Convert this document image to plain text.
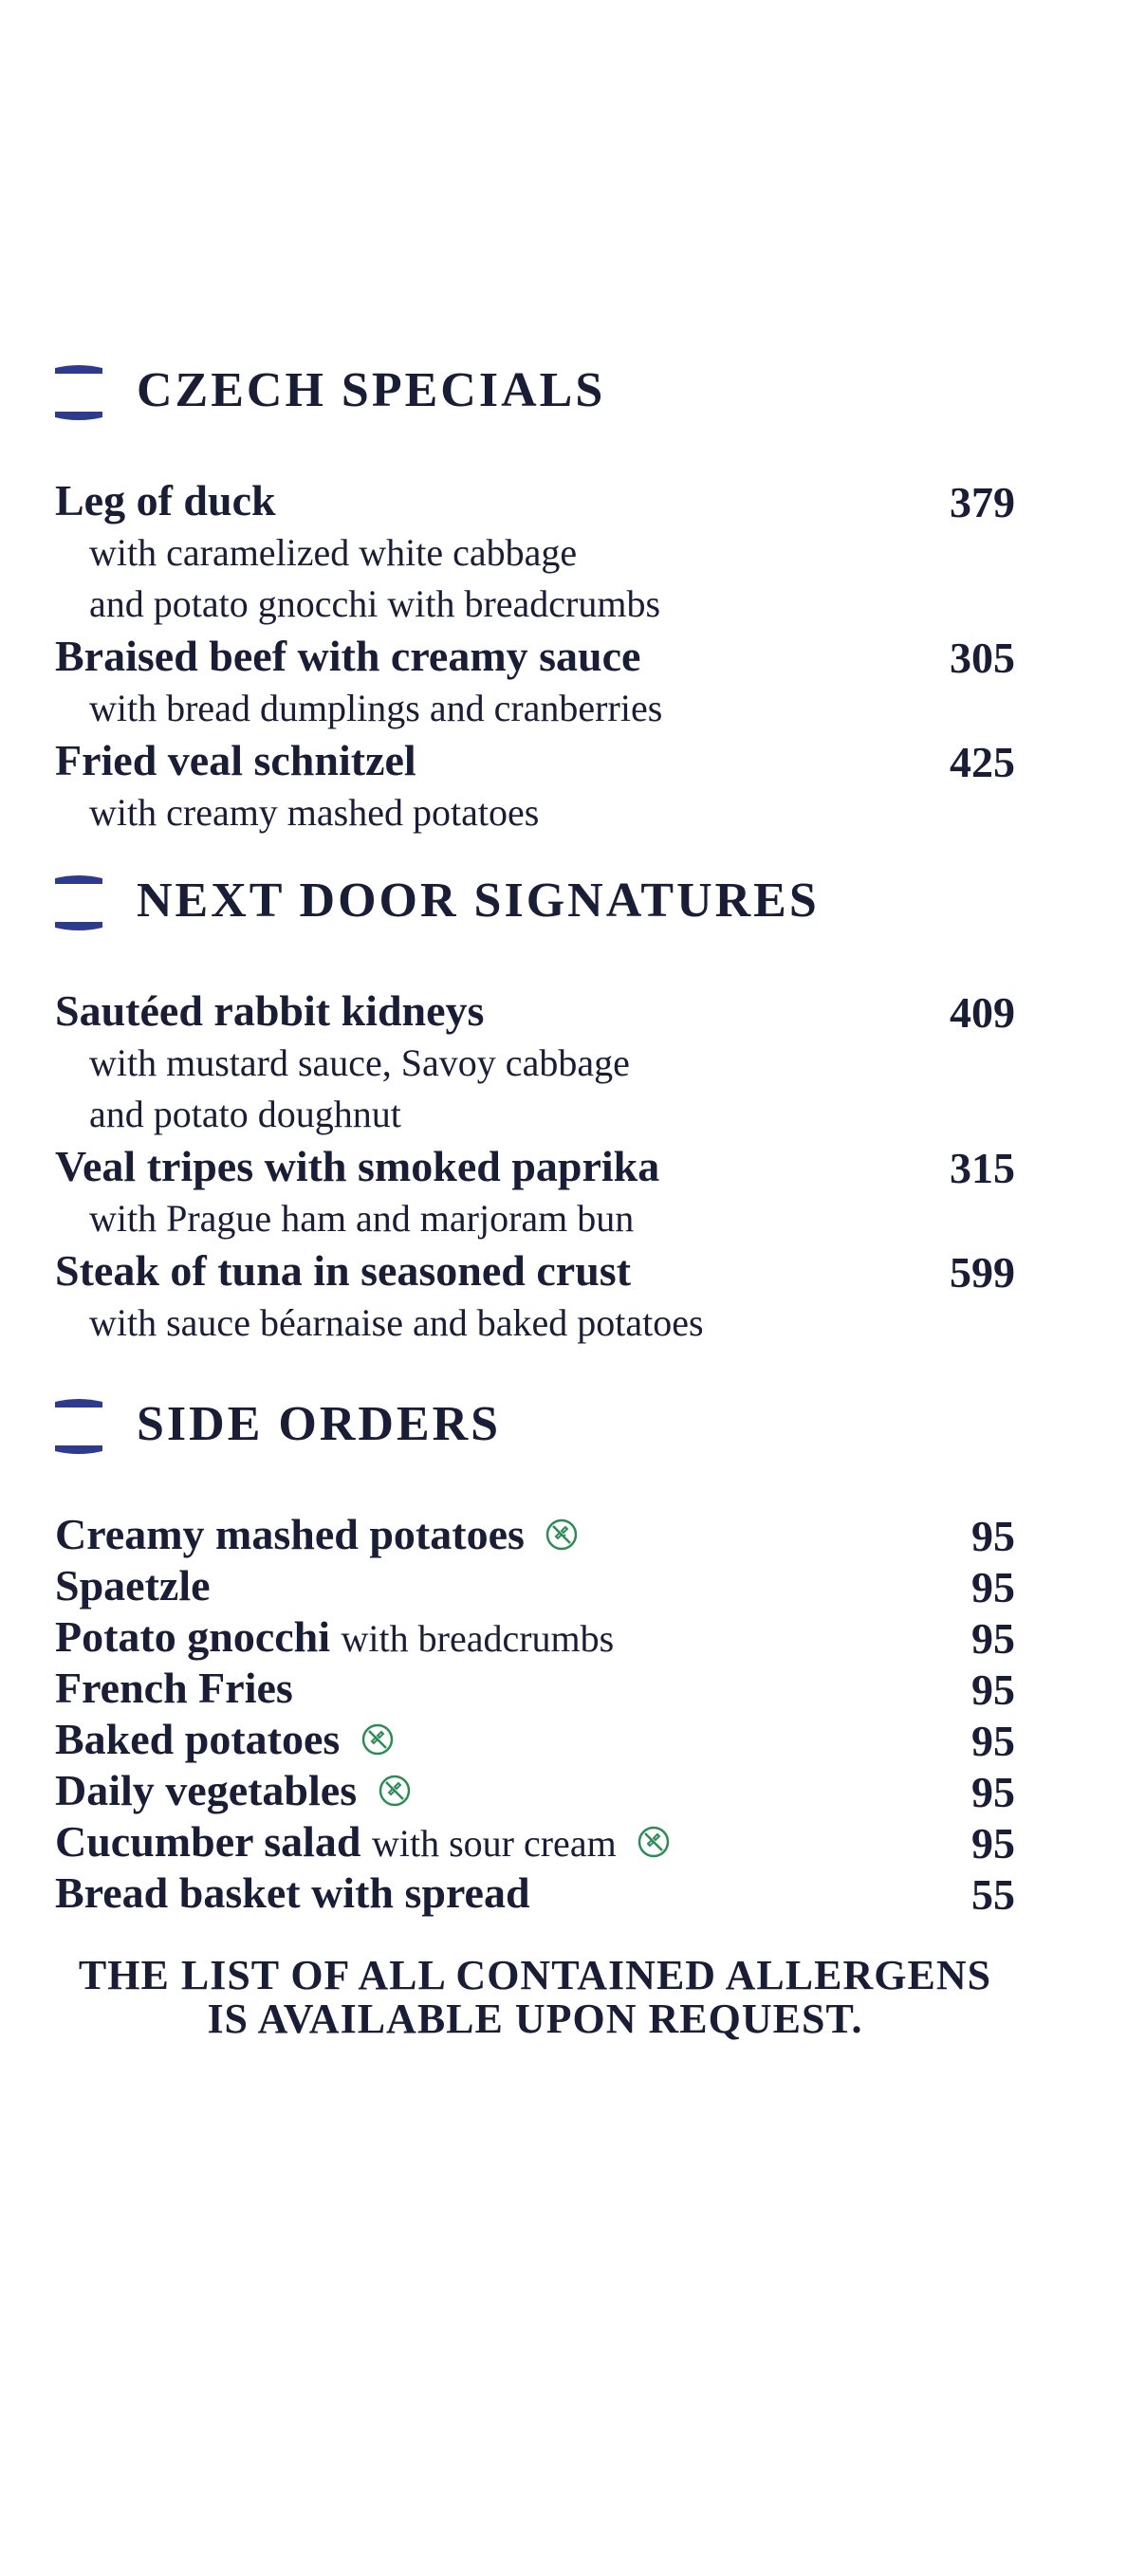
CZECH SPECIALS
Leg of duck	379
with caramelized white cabbage
and potato gnocchi with breadcrumbs
Braised beef with creamy sauce	305
with bread dumplings and cranberries
Fried veal schnitzel	425
with creamy mashed potatoes
NEXT DOOR SIGNATURES
Sautéed rabbit kidneys	409
with mustard sauce, Savoy cabbage
and potato doughnut
Veal tripes with smoked paprika	315
with Prague ham and marjoram bun
Steak of tuna in seasoned crust	599
with sauce béarnaise and baked potatoes
SIDE ORDERS
Creamy mashed potatoes	95
Spaetzle	95
Potato gnocchi with breadcrumbs	95
French Fries	95
Baked potatoes	95
Daily vegetables	95
Cucumber salad with sour cream	95
Bread basket with spread	55
THE LIST OF ALL CONTAINED ALLERGENS
IS AVAILABLE UPON REQUEST.
